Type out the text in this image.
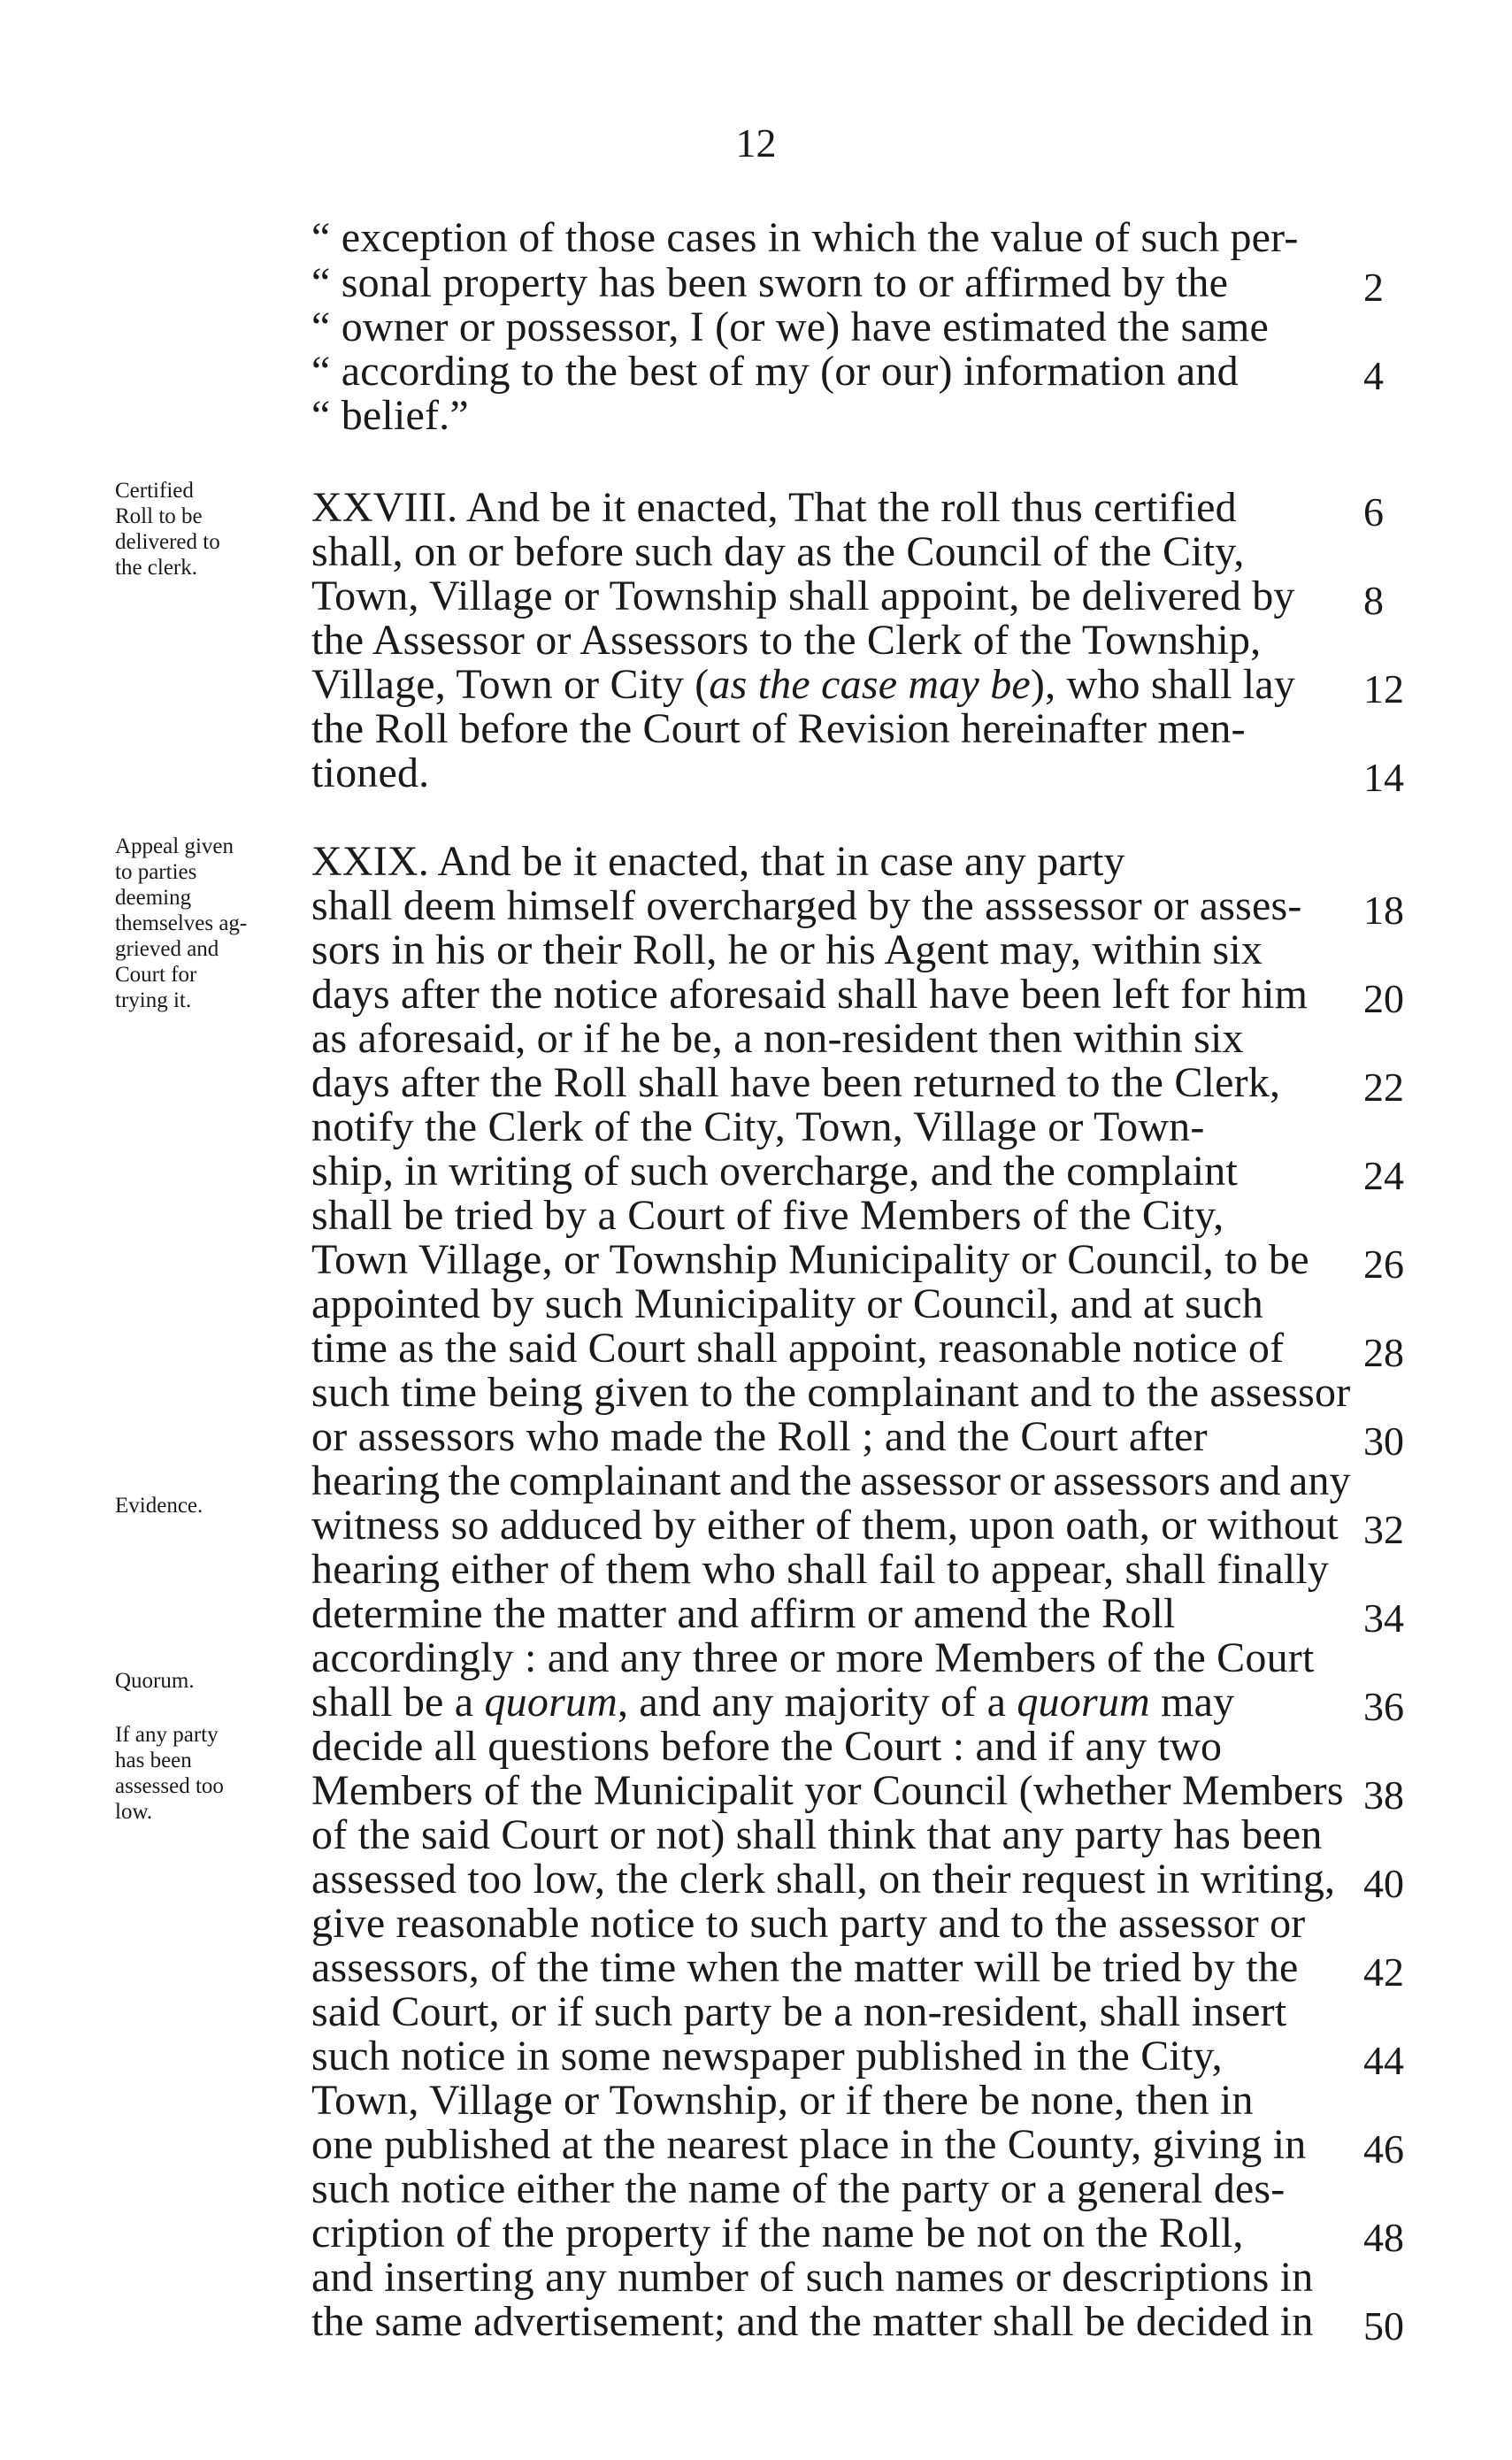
12
“ exception of those cases in which the value of such per-
“ sonal property has been sworn to or affirmed by the	2
“ owner or possessor, I (or we) have estimated the same
“ according to the best of my (or our) information and	4
“ belief.”
XXVIII. And be it enacted, That the roll thus certified	6
shall, on or before such day as the Council of the City,
Town, Village or Township shall appoint, be delivered by	8
the Assessor or Assessors to the Clerk of the Township,
Village, Town or City (as the case may be), who shall lay	12
the Roll before the Court of Revision hereinafter men-
tioned.	14
XXIX. And be it enacted, that in case any party
shall deem himself overcharged by the asssessor or asses-	18
sors in his or their Roll, he or his Agent may, within six
days after the notice aforesaid shall have been left for him	20
as aforesaid, or if he be, a non-resident then within six
days after the Roll shall have been returned to the Clerk,	22
notify the Clerk of the City, Town, Village or Town-
ship, in writing of such overcharge, and the complaint	24
shall be tried by a Court of five Members of the City,
Town Village, or Township Municipality or Council, to be	26
appointed by such Municipality or Council, and at such
time as the said Court shall appoint, reasonable notice of	28
such time being given to the complainant and to the assessor
or assessors who made the Roll ; and the Court after	30
hearing the complainant and the assessor or assessors and any
witness so adduced by either of them, upon oath, or without 32
hearing either of them who shall fail to appear, shall finally
determine the matter and affirm or amend the Roll	34
accordingly : and any three or more Members of the Court
shall be a quorum, and any majority of a quorum may	36
decide all questions before the Court : and if any two
Members of the Municipalit yor Council (whether Members 38
of the said Court or not) shall think that any party has been
assessed too low, the clerk shall, on their request in writing, 40
give reasonable notice to such party and to the assessor or
assessors, of the time when the matter will be tried by the	42
said Court, or if such party be a non-resident, shall insert
such notice in some newspaper published in the City,	44
Town, Village or Township, or if there be none, then in
one published at the nearest place in the County, giving in	46
such notice either the name of the party or a general des-
cription of the property if the name be not on the Roll,	48
and inserting any number of such names or descriptions in
the same advertisement; and the matter shall be decided in	50
Certified
Roll to be
delivered to
the clerk.
Appeal given
to parties
deeming
themselves ag-
grieved and
Court for
trying it.
Evidence.
Quorum.
If any party
has been
assessed too
low.
